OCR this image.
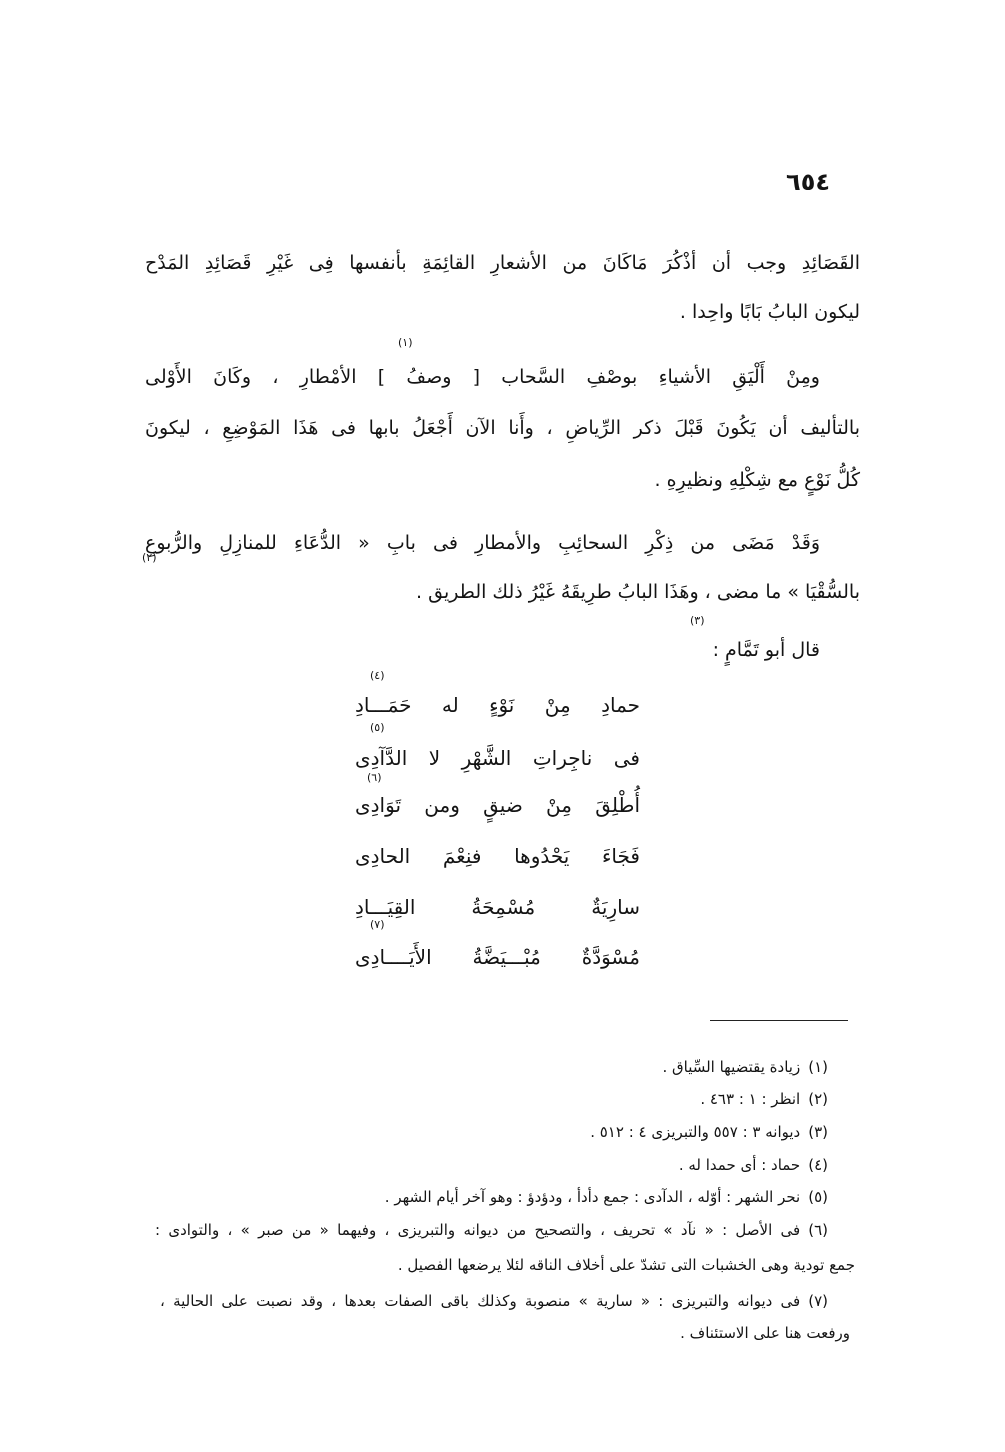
٦٥٤
القَصَائِدِ وجب أن أذْكُرَ مَاكَانَ من الأشعارِ القائِمَةِ بأنفسها فِى غَيْرِ قَصَائِدِ المَدْح
ليكون البابُ بَابًا واحِدا .
ومِنْ أَلْيَقِ الأشياءِ بوصْفِ السَّحاب [ وصفُ ] الأمْطارِ ، وكَانَ الأَوْلى
بالتأليف أن يَكُونَ قَبْلَ ذكر الرِّياضِ ، وأَنا الآن أَجْعَلُ بابها فى هَذَا المَوْضِعِ ، ليكونَ
كُلُّ نَوْعٍ مع شِكْلِهِ ونظيرِهِ .
وَقَدْ مَضَى من ذِكْرِ السحائِبِ والأمطارِ فى بابِ « الدُّعَاءِ للمنازِلِ والرُّبوعِ
بالسُّقْيَا » ما مضى ، وهَذَا البابُ طرِيقَهُ غَيْرُ ذلك الطريق .
قال أبو تَمَّامٍ :
حمادِ مِنْ نَوْءٍ له حَمَـــادِ
فى ناجِراتِ الشَّهْرِ لا الدَّآدِى
أُطْلِقَ مِنْ ضيقٍ ومن تَوَادِى
فَجَاءَ يَحْدُوها فنِعْمَ الحادِى
سارِيَةٌ مُسْمِحَةُ القِيَـــادِ
مُسْوَدَّةٌ مُبْـــيَضَّةُ الأَيَــــادِى
(١)
(٢)
(٣)
(٤)
(٥)
(٦)
(٧)
(١)زيادة يقتضيها السِّياق .
(٢)انظر : ١ : ٤٦٣ .
(٣)ديوانه ٣ : ٥٥٧ والتبريزى ٤ : ٥١٢ .
(٤)حماد : أى حمدا له .
(٥)نحر الشهر : أوّله ، الدآدى : جمع دأدأ ، ودؤدؤ : وهو آخر أيام الشهر .
(٦)فى الأصل : « نآد » تحريف ، والتصحيح من ديوانه والتبريزى ، وفيهما « من صبر » ، والتوادى :
جمع تودية وهى الخشبات التى تشدّ على أخلاف الناقه لئلا يرضعها الفصيل .
(٧)فى ديوانه والتبريزى : « سارية » منصوبة وكذلك باقى الصفات بعدها ، وقد نصبت على الحالية ،
ورفعت هنا على الاستئناف .
